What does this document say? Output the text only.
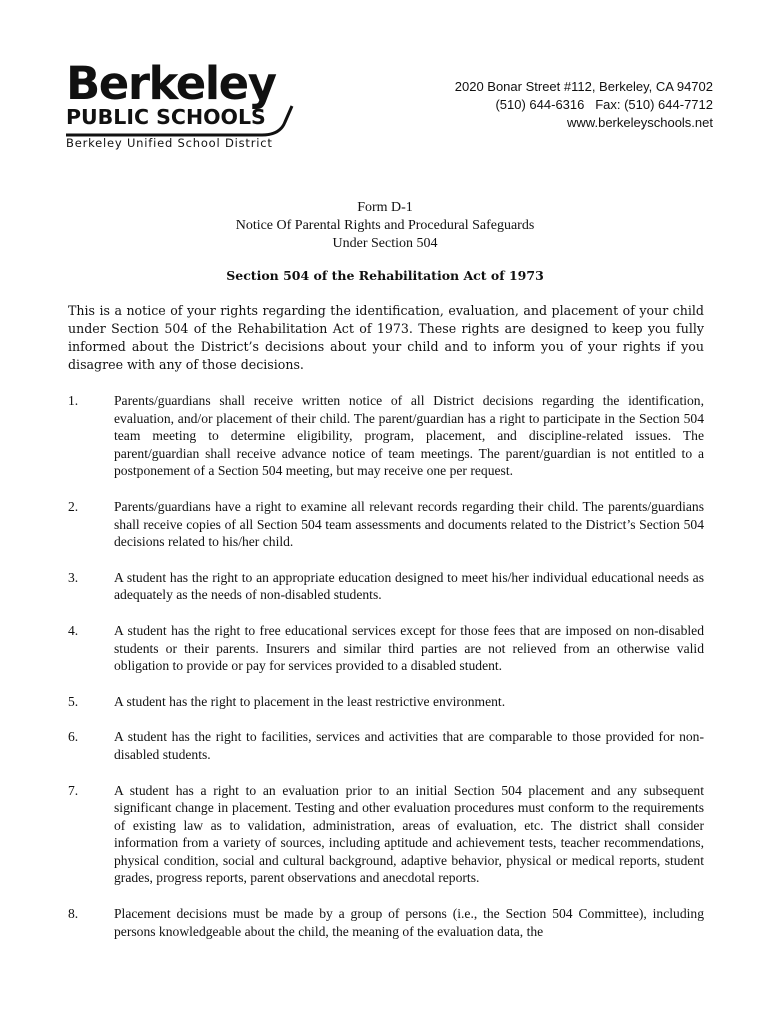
Berkeley
PUBLIC SCHOOLS
Berkeley Unified School District
2020 Bonar Street #112, Berkeley, CA 94702
(510) 644-6316   Fax: (510) 644-7712
www.berkeleyschools.net
Form D-1
Notice Of Parental Rights and Procedural Safeguards
Under Section 504
Section 504 of the Rehabilitation Act of 1973
This is a notice of your rights regarding the identification, evaluation, and placement of your child under Section 504 of the Rehabilitation Act of 1973. These rights are designed to keep you fully informed about the District’s decisions about your child and to inform you of your rights if you disagree with any of those decisions.
1.	Parents/guardians shall receive written notice of all District decisions regarding the identification, evaluation, and/or placement of their child. The parent/guardian has a right to participate in the Section 504 team meeting to determine eligibility, program, placement, and discipline-related issues. The parent/guardian shall receive advance notice of team meetings. The parent/guardian is not entitled to a postponement of a Section 504 meeting, but may receive one per request.
2.	Parents/guardians have a right to examine all relevant records regarding their child. The parents/guardians shall receive copies of all Section 504 team assessments and documents related to the District’s Section 504 decisions related to his/her child.
3.	A student has the right to an appropriate education designed to meet his/her individual educational needs as adequately as the needs of non-disabled students.
4.	A student has the right to free educational services except for those fees that are imposed on non-disabled students or their parents. Insurers and similar third parties are not relieved from an otherwise valid obligation to provide or pay for services provided to a disabled student.
5.	A student has the right to placement in the least restrictive environment.
6.	A student has the right to facilities, services and activities that are comparable to those provided for non-disabled students.
7.	A student has a right to an evaluation prior to an initial Section 504 placement and any subsequent significant change in placement. Testing and other evaluation procedures must conform to the requirements of existing law as to validation, administration, areas of evaluation, etc. The district shall consider information from a variety of sources, including aptitude and achievement tests, teacher recommendations, physical condition, social and cultural background, adaptive behavior, physical or medical reports, student grades, progress reports, parent observations and anecdotal reports.
8.	Placement decisions must be made by a group of persons (i.e., the Section 504 Committee), including persons knowledgeable about the child, the meaning of the evaluation data, the
